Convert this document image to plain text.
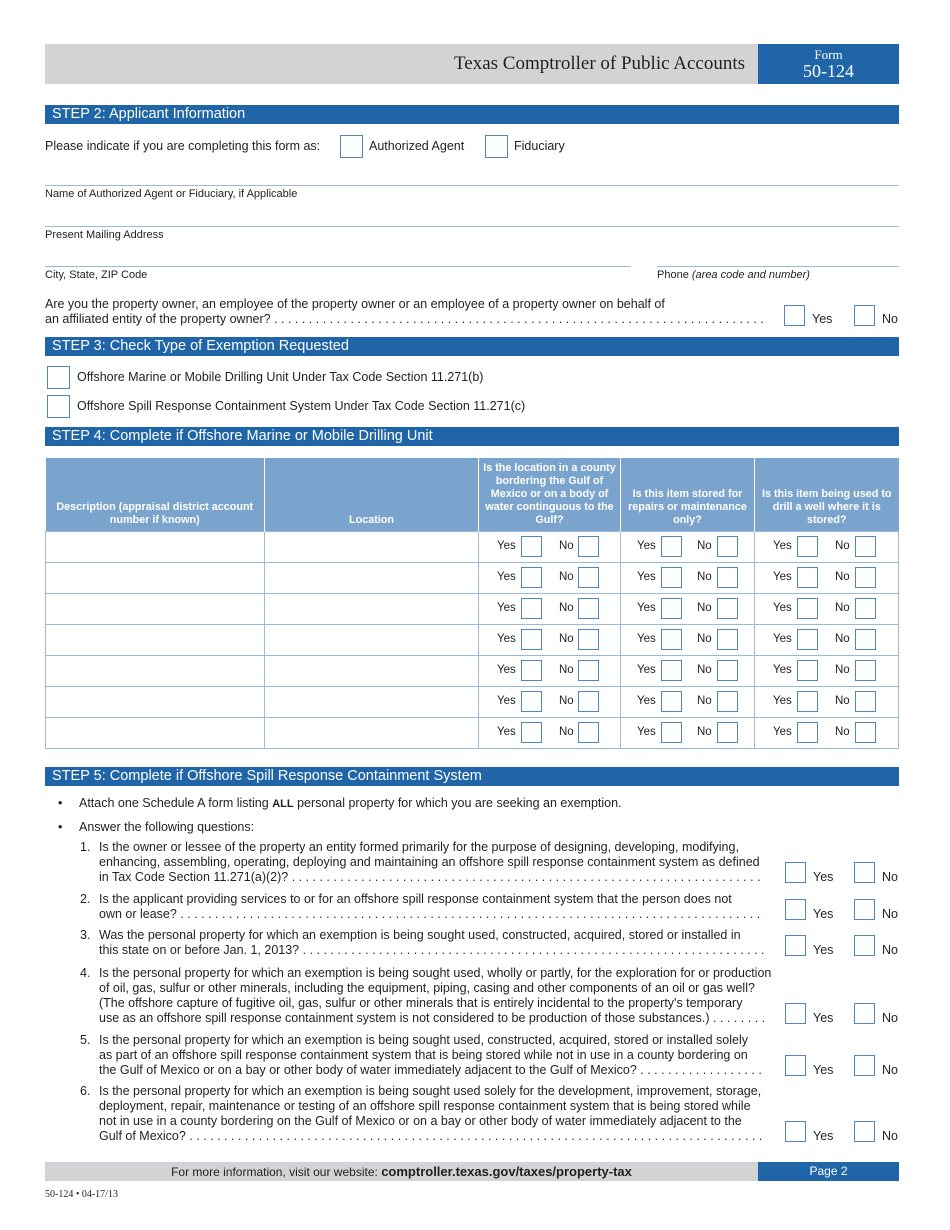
Texas Comptroller of Public Accounts	Form
50-124
STEP 2: Applicant Information
Please indicate if you are completing this form as:	Authorized Agent	Fiduciary
Name of Authorized Agent or Fiduciary, if Applicable
Present Mailing Address
City, State, ZIP Code	Phone (area code and number)
Are you the property owner, an employee of the property owner or an employee of a property owner on behalf of
an affiliated entity of the property owner? . . .	Yes	No
STEP 3: Check Type of Exemption Requested
Offshore Marine or Mobile Drilling Unit Under Tax Code Section 11.271(b)
Offshore Spill Response Containment System Under Tax Code Section 11.271(c)
STEP 4: Complete if Offshore Marine or Mobile Drilling Unit
Description (appraisal district account number if known)	Location	Is the location in a county bordering the Gulf of Mexico or on a body of water continguous to the Gulf?	Is this item stored for repairs or maintenance only?	Is this item being used to drill a well where it is stored?

		Yes No	Yes No	Yes No

		Yes No	Yes No	Yes No

		Yes No	Yes No	Yes No

		Yes No	Yes No	Yes No

		Yes No	Yes No	Yes No

		Yes No	Yes No	Yes No

		Yes No	Yes No	Yes No
STEP 5: Complete if Offshore Spill Response Containment System
• Attach one Schedule A form listing ALL personal property for which you are seeking an exemption.
• Answer the following questions:
1. Is the owner or lessee of the property an entity formed primarily for the purpose of designing, developing, modifying,
enhancing, assembling, operating, deploying and maintaining an offshore spill response containment system as defined
in Tax Code Section 11.271(a)(2)? . . .	Yes	No
2. Is the applicant providing services to or for an offshore spill response containment system that the person does not
own or lease? . . .	Yes	No
3. Was the personal property for which an exemption is being sought used, constructed, acquired, stored or installed in
this state on or before Jan. 1, 2013? . . .	Yes	No
4. Is the personal property for which an exemption is being sought used, wholly or partly, for the exploration for or production
of oil, gas, sulfur or other minerals, including the equipment, piping, casing and other components of an oil or gas well?
(The offshore capture of fugitive oil, gas, sulfur or other minerals that is entirely incidental to the property's temporary
use as an offshore spill response containment system is not considered to be production of those substances.) . . .	Yes	No
5. Is the personal property for which an exemption is being sought used, constructed, acquired, stored or installed solely
as part of an offshore spill response containment system that is being stored while not in use in a county bordering on
the Gulf of Mexico or on a bay or other body of water immediately adjacent to the Gulf of Mexico? . . .	Yes	No
6. Is the personal property for which an exemption is being sought used solely for the development, improvement, storage,
deployment, repair, maintenance or testing of an offshore spill response containment system that is being stored while
not in use in a county bordering on the Gulf of Mexico or on a bay or other body of water immediately adjacent to the
Gulf of Mexico? . . .	Yes	No
For more information, visit our website: comptroller.texas.gov/taxes/property-tax	Page 2
50-124 • 04-17/13
